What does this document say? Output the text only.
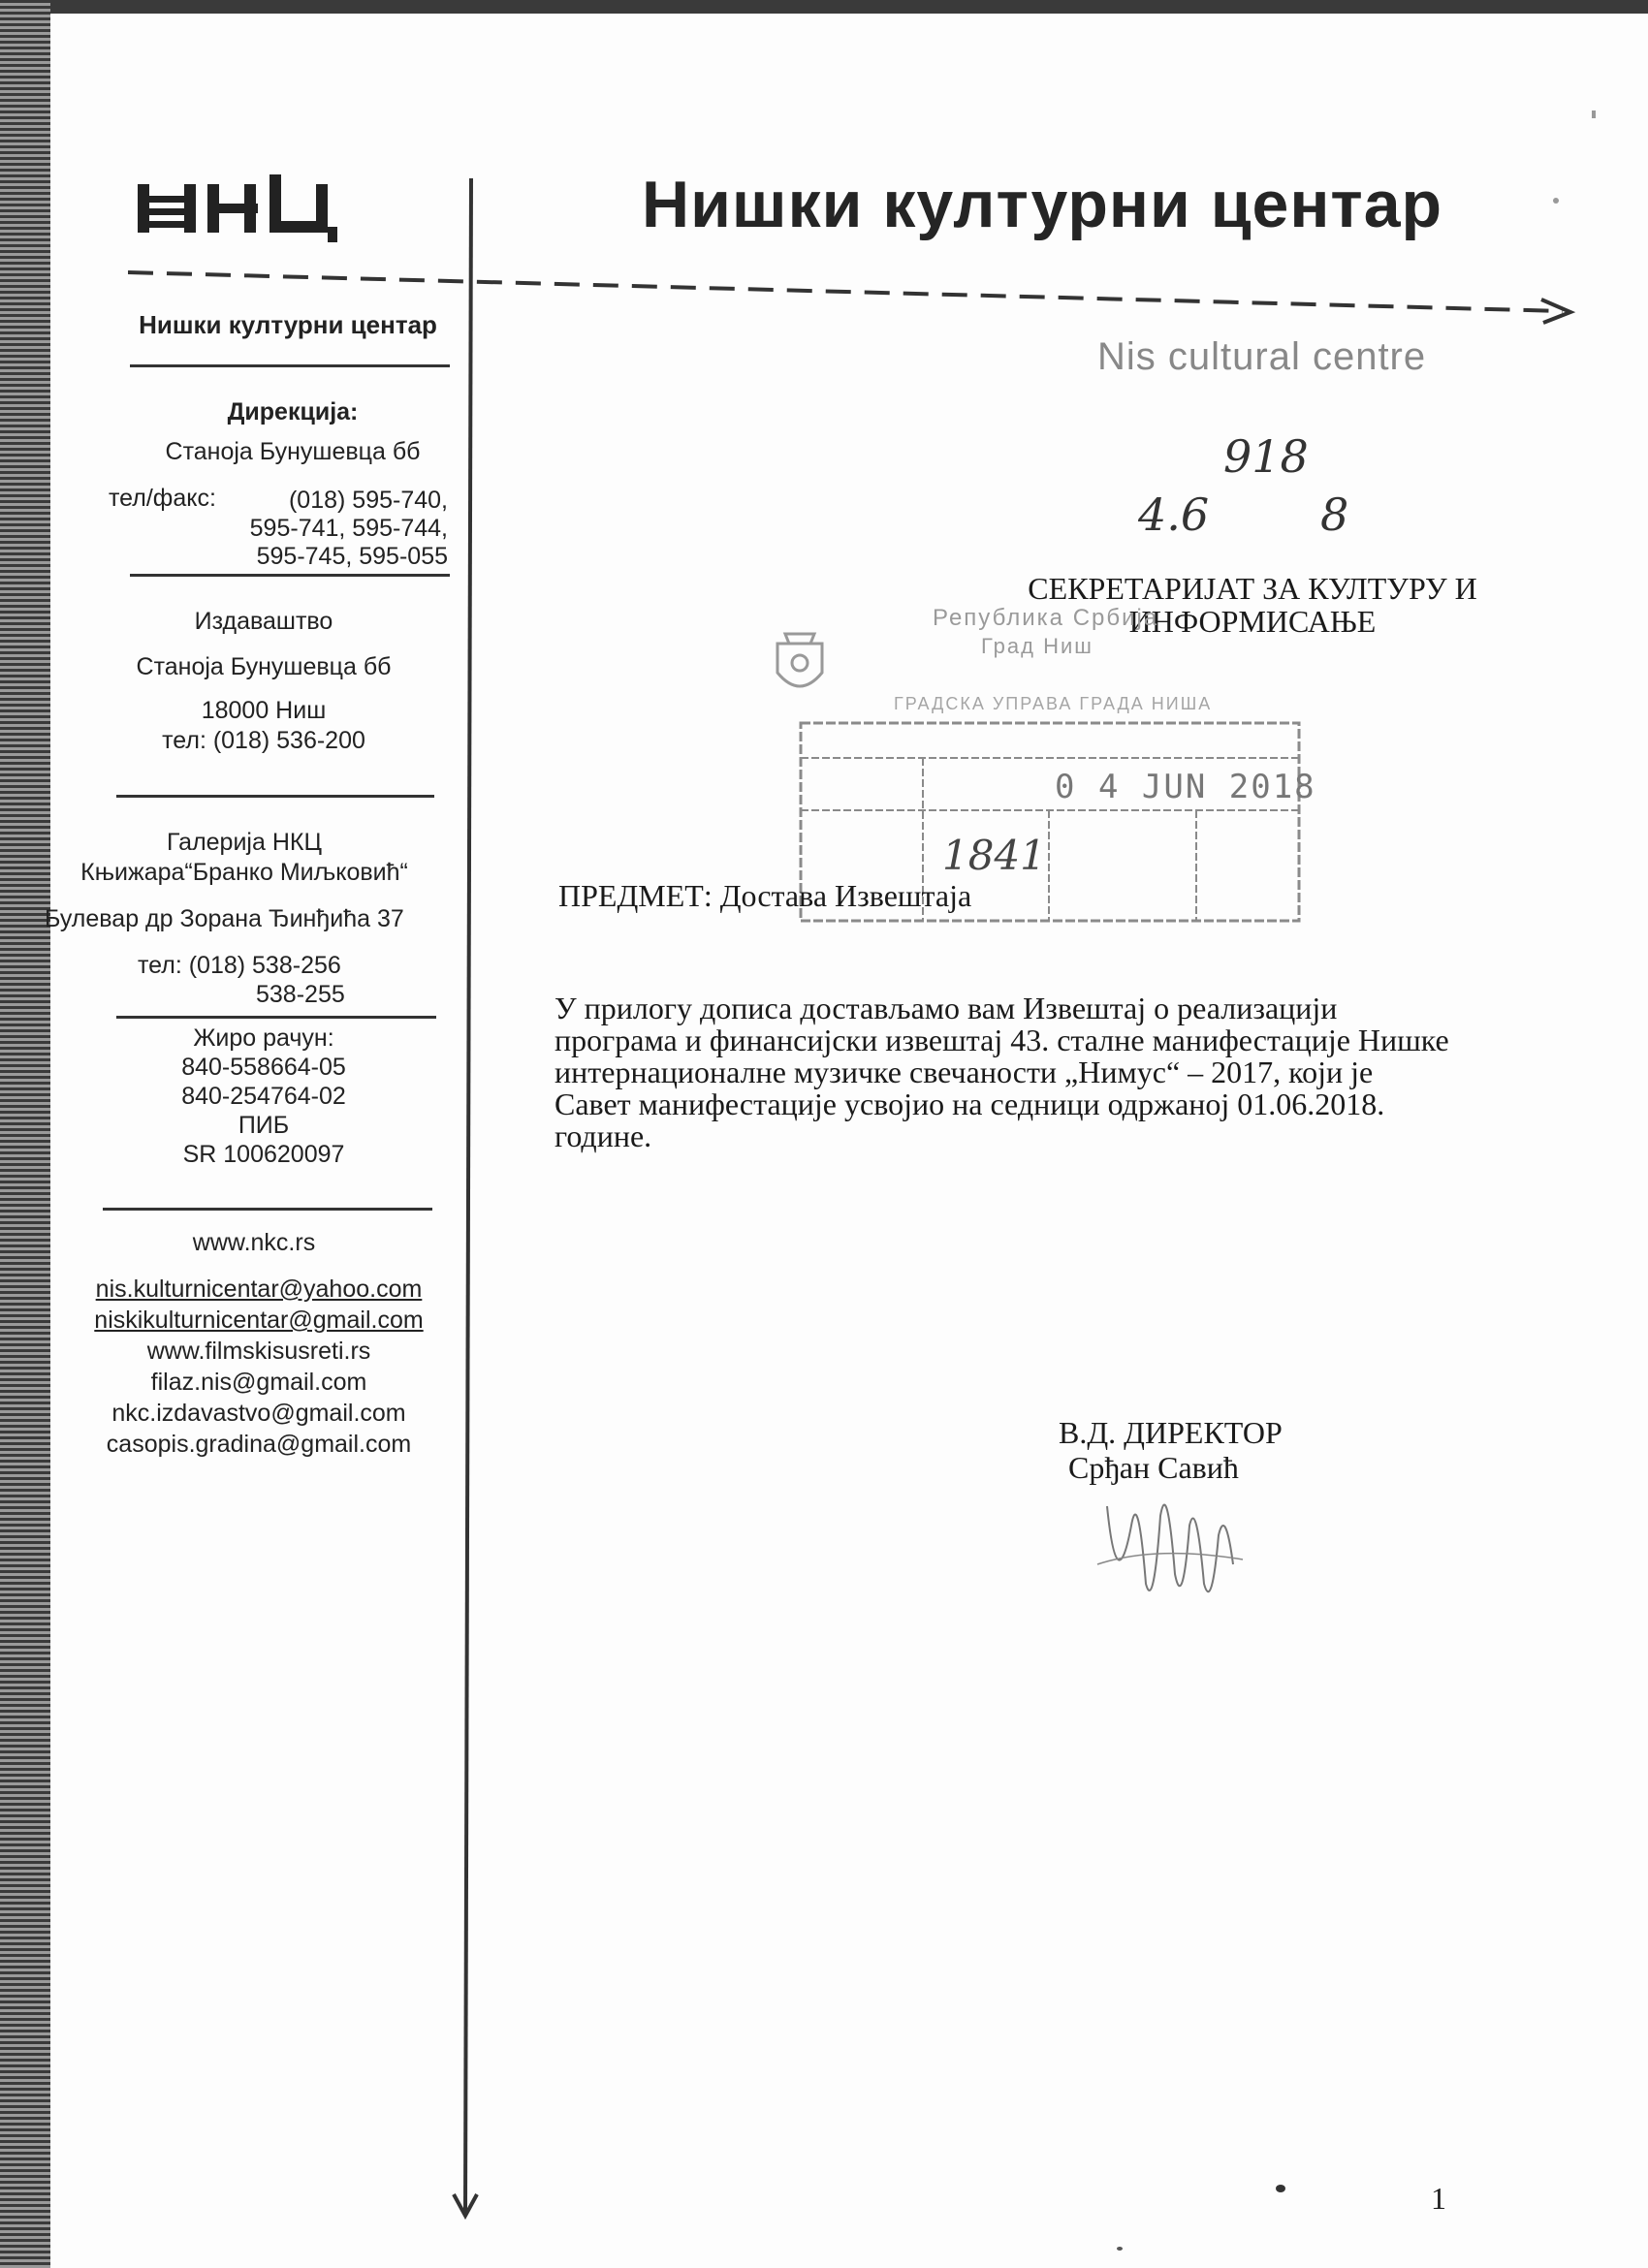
Нишки културни центар
Nis cultural centre
Нишки културни центар
Дирекција:
Станоја Бунушевца бб
тел/факс:	(018) 595-740,
595-741, 595-744,
595-745, 595-055
Издаваштво
Станоја Бунушевца бб
18000 Ниш
тел: (018) 536-200
Галерија НКЦ
Књижара“Бранко Миљковић“
Булевар др Зорана Ђинђића 37
тел: (018) 538-256
538-255
Жиро рачун:
840-558664-05
840-254764-02
ПИБ
SR 100620097
www.nkc.rs
nis.kulturnicentar@yahoo.com
niskikulturnicentar@gmail.com
www.filmskisusreti.rs
filaz.nis@gmail.com
nkc.izdavastvo@gmail.com
casopis.gradina@gmail.com
918
4.6 8
СЕКРЕТАРИЈАТ ЗА КУЛТУРУ И
ИНФОРМИСАЊЕ
Република Србија
Град Ниш
ГРАДСКА УПРАВА ГРАДА НИША
0 4 JUN 2018
1841
ПРЕДМЕТ: Достава Извештаја
У прилогу дописа достављамо вам Извештај о реализацији
програма и финансијски извештај 43. сталне манифестације Нишке
интернационалне музичке свечаности „Нимус“ – 2017, који је
Савет манифестације усвојио на седници одржаној 01.06.2018.
године.
В.Д. ДИРЕКТОР
Срђан Савић
1
